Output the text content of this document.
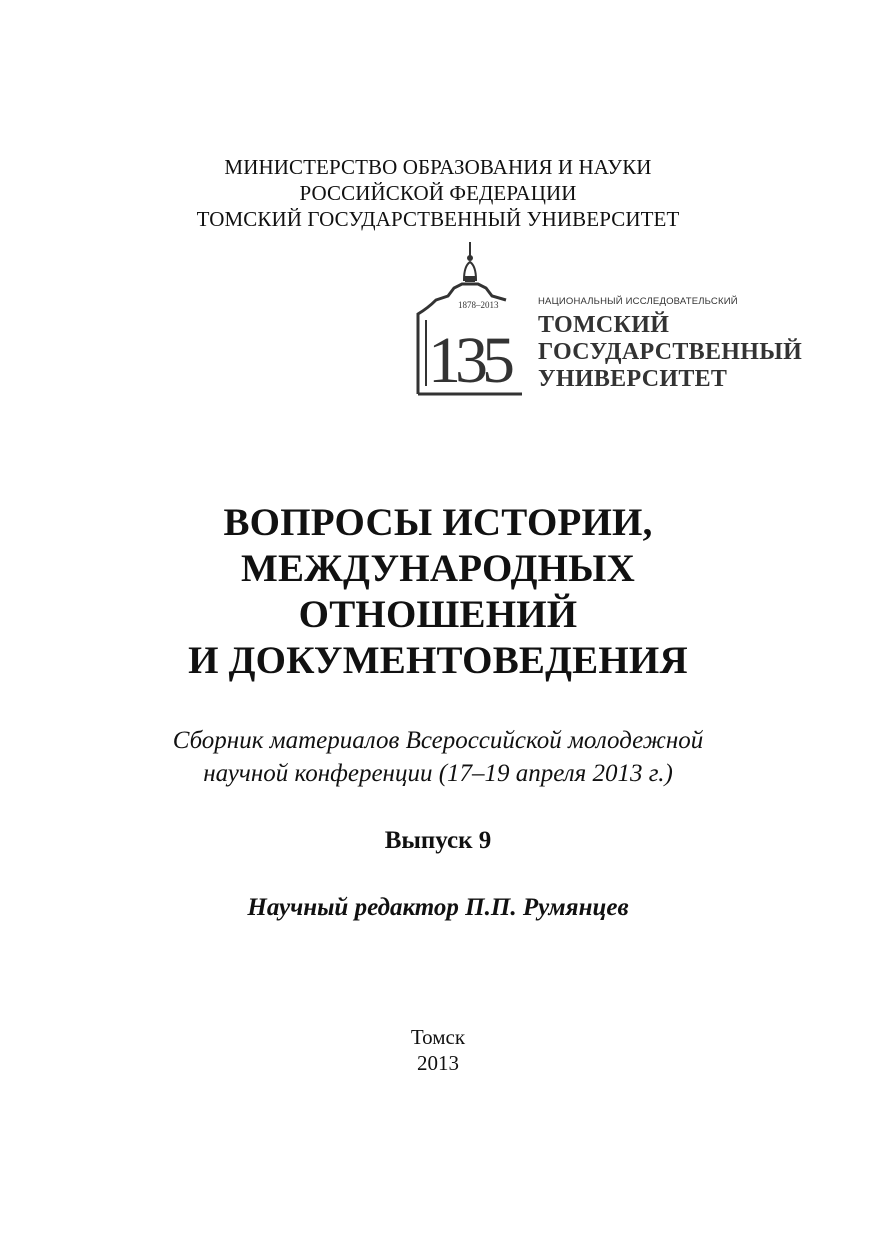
МИНИСТЕРСТВО ОБРАЗОВАНИЯ И НАУКИ
РОССИЙСКОЙ ФЕДЕРАЦИИ
ТОМСКИЙ ГОСУДАРСТВЕННЫЙ УНИВЕРСИТЕТ
1878–2013
135
НАЦИОНАЛЬНЫЙ ИССЛЕДОВАТЕЛЬСКИЙ
ТОМСКИЙ
ГОСУДАРСТВЕННЫЙ
УНИВЕРСИТЕТ
ВОПРОСЫ ИСТОРИИ,
МЕЖДУНАРОДНЫХ
ОТНОШЕНИЙ
И ДОКУМЕНТОВЕДЕНИЯ
Сборник материалов Всероссийской молодежной
научной конференции (17–19 апреля 2013 г.)
Выпуск 9
Научный редактор П.П. Румянцев
Томск
2013
